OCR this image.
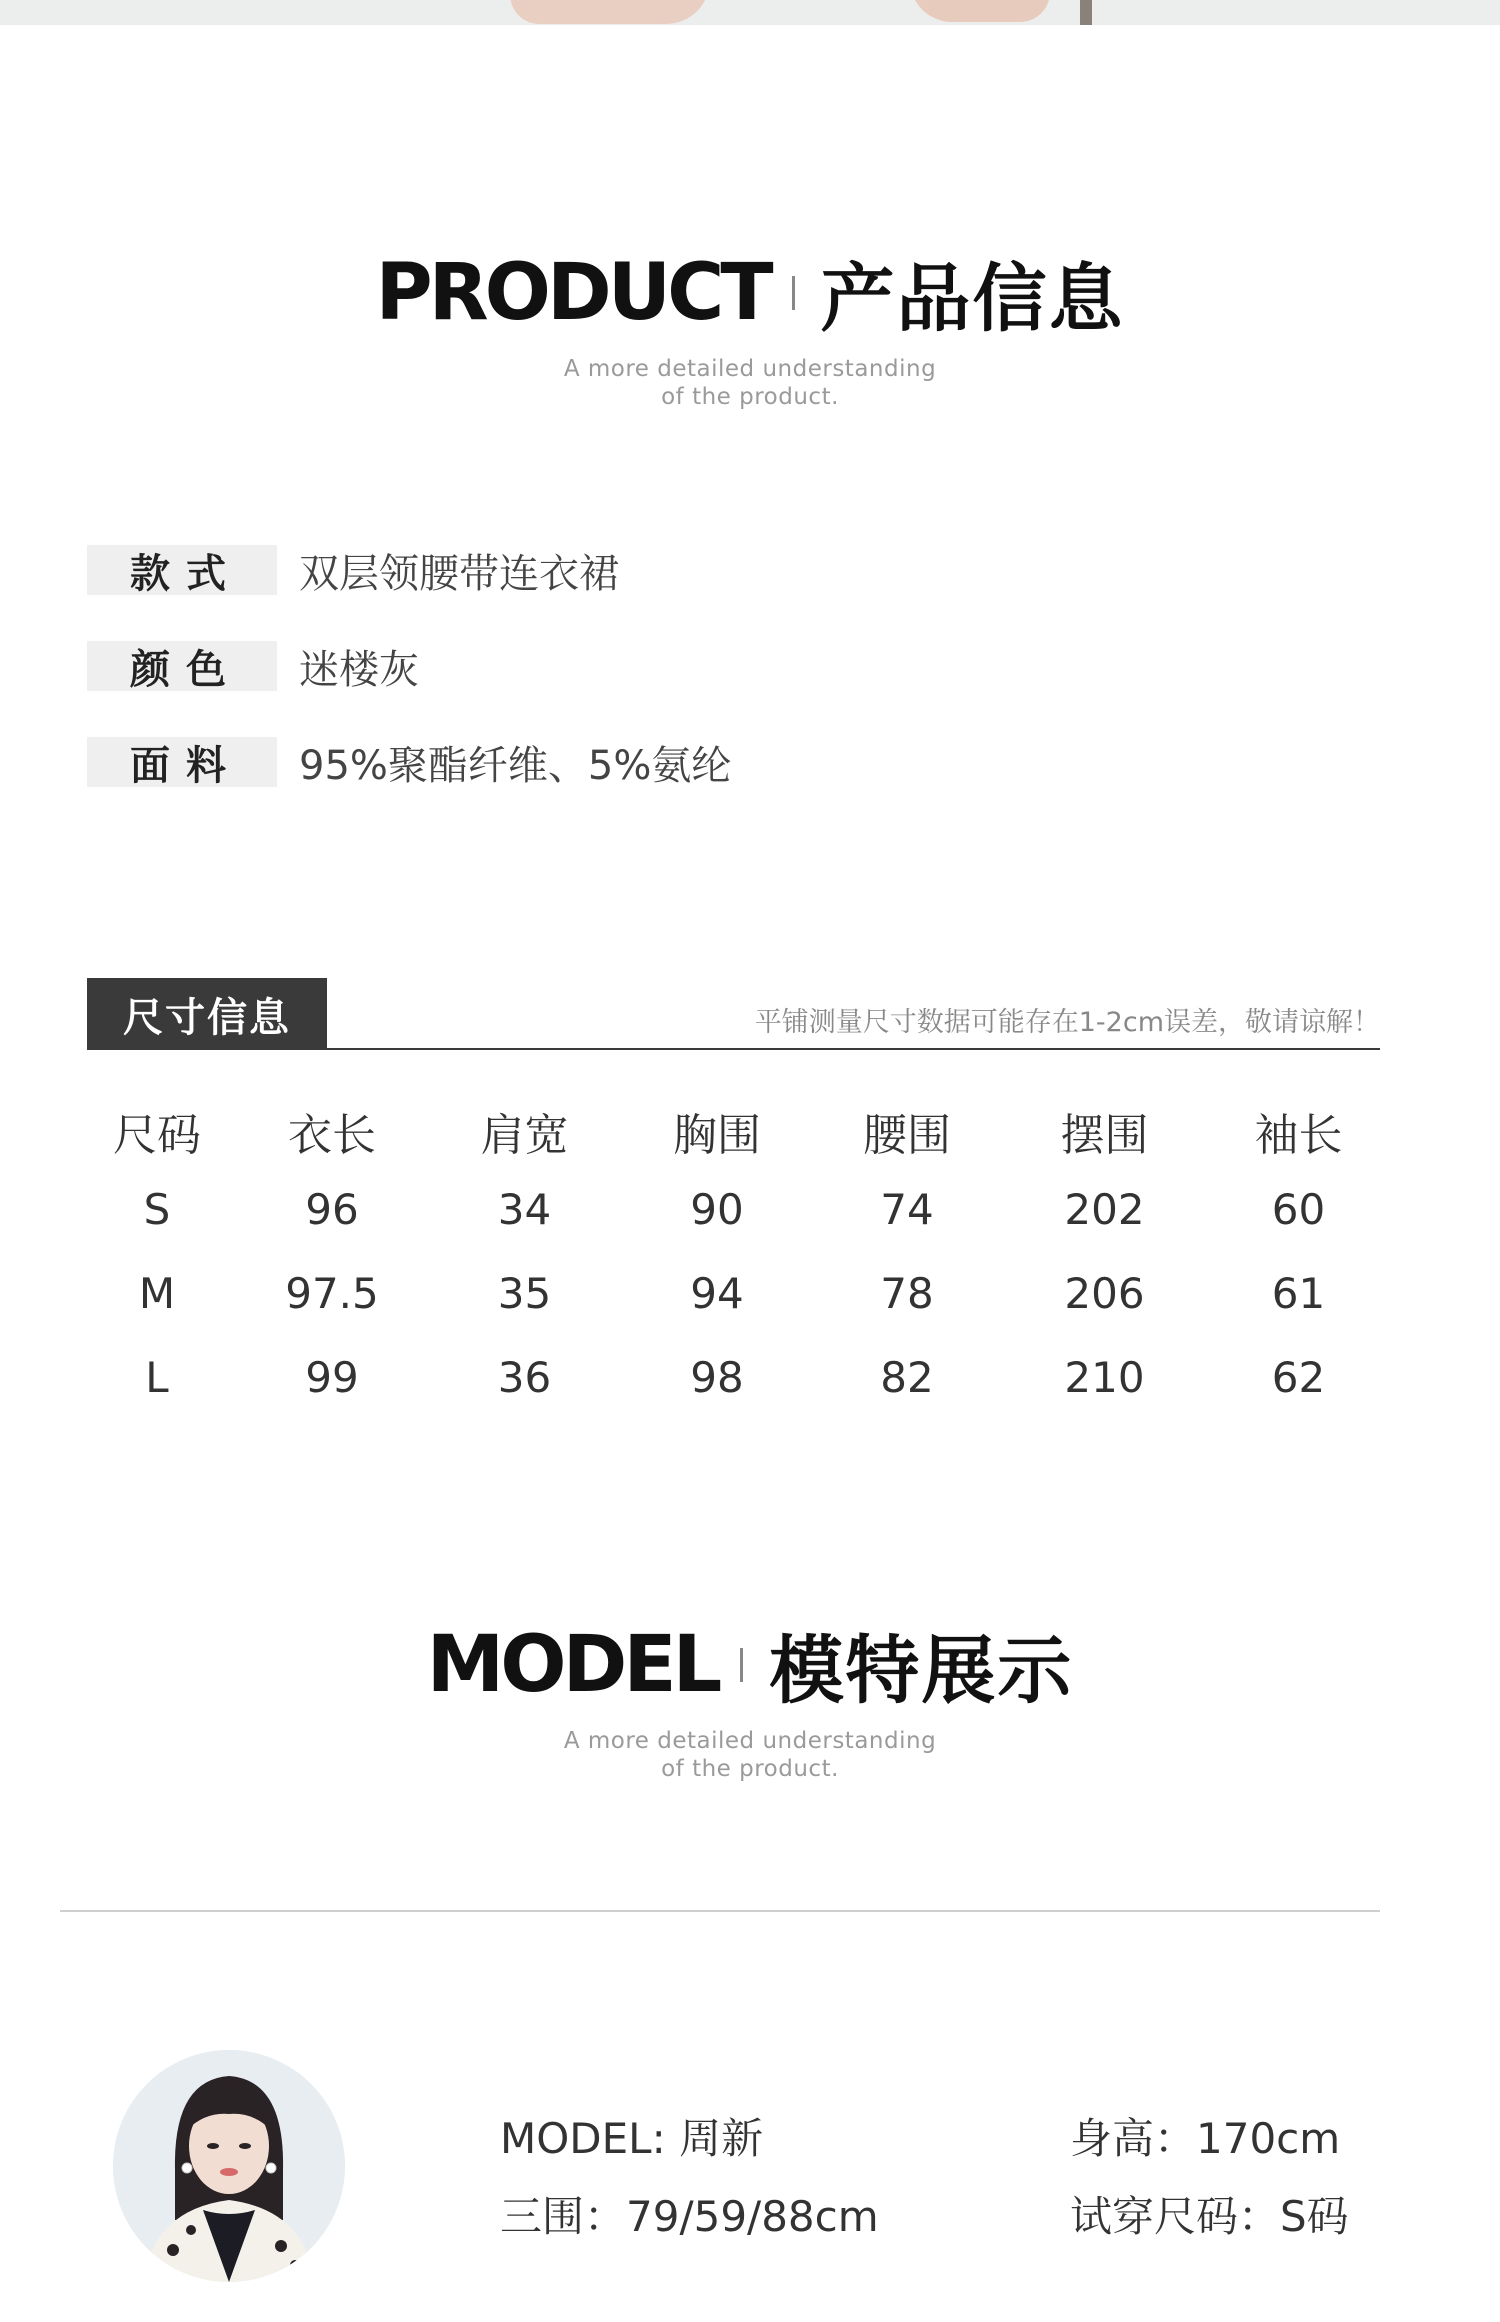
PRODUCT 产品信息
A more detailed understanding
of the product.
款式	双层领腰带连衣裙
颜色	迷楼灰
面料	95%聚酯纤维、5%氨纶
尺寸信息	平铺测量尺寸数据可能存在1-2cm误差，敬请谅解！
尺码	衣长	肩宽	胸围	腰围	摆围	袖长
S	96	34	90	74	202	60
M	97.5	35	94	78	206	61
L	99	36	98	82	210	62
MODEL 模特展示
A more detailed understanding
of the product.
MODEL: 周新
三围：79/59/88cm
身高：170cm
试穿尺码：S码
